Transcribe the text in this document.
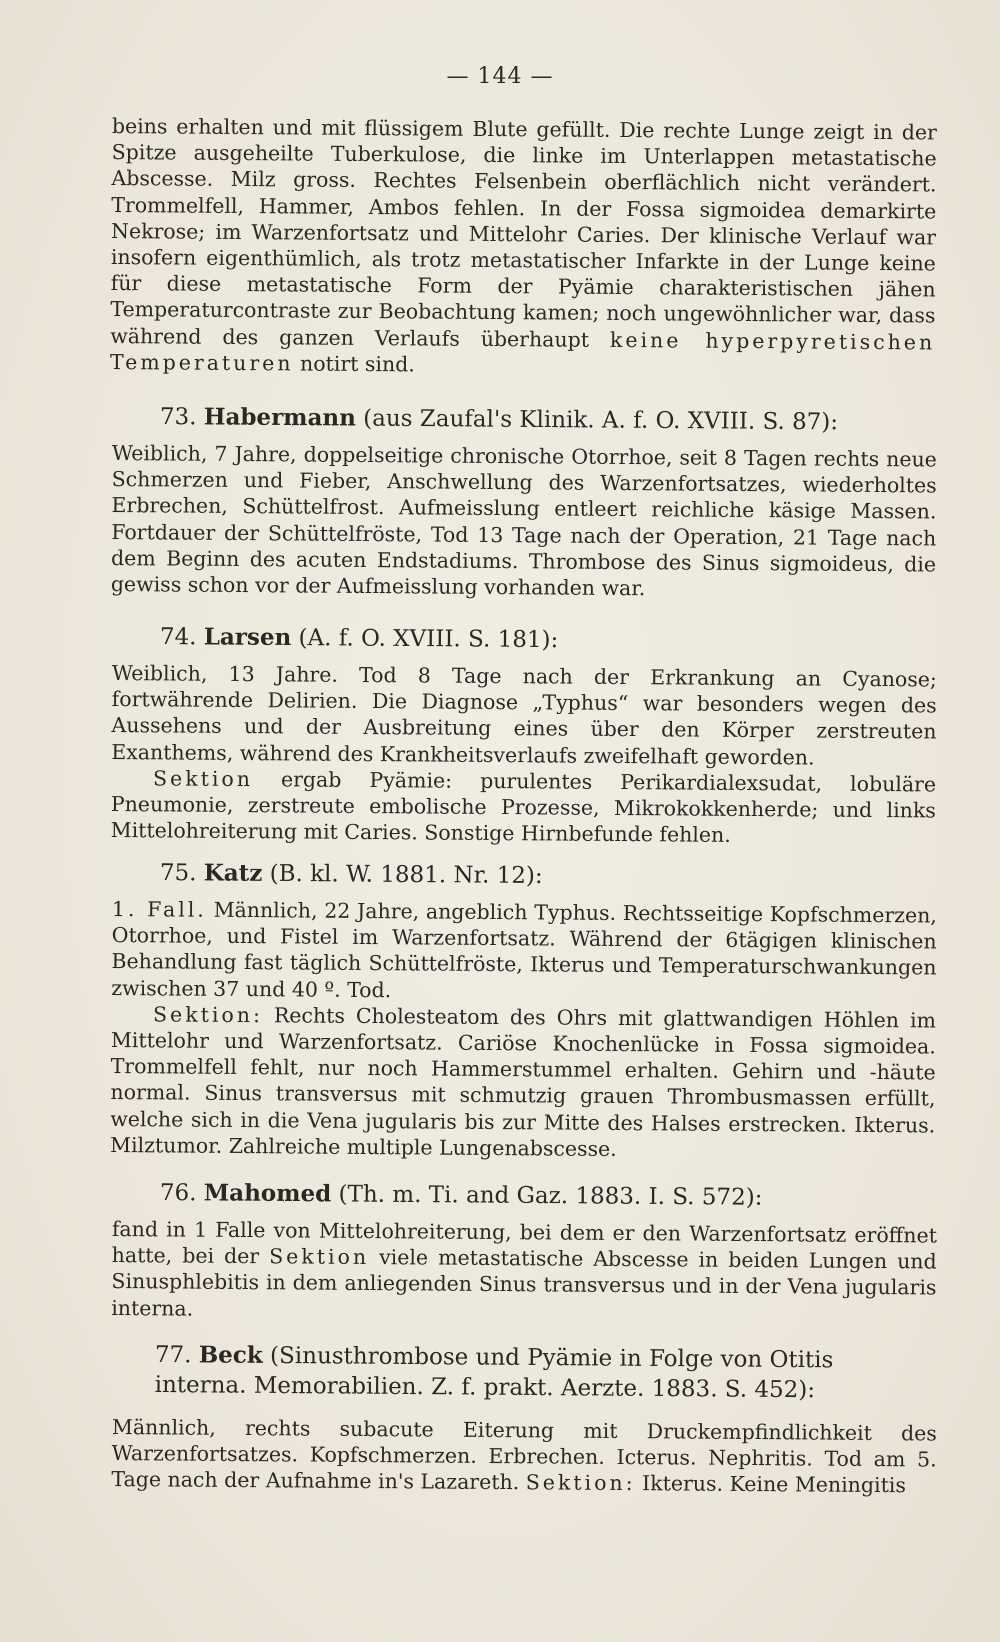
— 144 —

beins erhalten und mit flüssigem Blute gefüllt. Die rechte Lunge zeigt in der Spitze ausgeheilte Tuberkulose, die linke im Unterlappen metastatische Abscesse. Milz gross. Rechtes Felsenbein oberflächlich nicht verändert. Trommelfell, Hammer, Ambos fehlen. In der Fossa sigmoidea demarkirte Nekrose; im Warzenfortsatz und Mittelohr Caries. Der klinische Verlauf war insofern eigenthümlich, als trotz metastatischer Infarkte in der Lunge keine für diese metastatische Form der Pyämie charakteristischen jähen Temperaturcontraste zur Beobachtung kamen; noch ungewöhnlicher war, dass während des ganzen Verlaufs überhaupt keine hyperpyretischen Temperaturen notirt sind.

73. Habermann (aus Zaufal's Klinik. A. f. O. XVIII. S. 87):

Weiblich, 7 Jahre, doppelseitige chronische Otorrhoe, seit 8 Tagen rechts neue Schmerzen und Fieber, Anschwellung des Warzenfortsatzes, wiederholtes Erbrechen, Schüttelfrost. Aufmeisslung entleert reichliche käsige Massen. Fortdauer der Schüttelfröste, Tod 13 Tage nach der Operation, 21 Tage nach dem Beginn des acuten Endstadiums. Thrombose des Sinus sigmoideus, die gewiss schon vor der Aufmeisslung vorhanden war.

74. Larsen (A. f. O. XVIII. S. 181):

Weiblich, 13 Jahre. Tod 8 Tage nach der Erkrankung an Cyanose; fortwährende Delirien. Die Diagnose „Typhus“ war besonders wegen des Aussehens und der Ausbreitung eines über den Körper zerstreuten Exanthems, während des Krankheitsverlaufs zweifelhaft geworden.

Sektion ergab Pyämie: purulentes Perikardialexsudat, lobuläre Pneumonie, zerstreute embolische Prozesse, Mikrokokkenherde; und links Mittelohreiterung mit Caries. Sonstige Hirnbefunde fehlen.

75. Katz (B. kl. W. 1881. Nr. 12):

1. Fall. Männlich, 22 Jahre, angeblich Typhus. Rechtsseitige Kopfschmerzen, Otorrhoe, und Fistel im Warzenfortsatz. Während der 6tägigen klinischen Behandlung fast täglich Schüttelfröste, Ikterus und Temperaturschwankungen zwischen 37 und 40 º. Tod.

Sektion: Rechts Cholesteatom des Ohrs mit glattwandigen Höhlen im Mittelohr und Warzenfortsatz. Cariöse Knochenlücke in Fossa sigmoidea. Trommelfell fehlt, nur noch Hammerstummel erhalten. Gehirn und -häute normal. Sinus transversus mit schmutzig grauen Thrombusmassen erfüllt, welche sich in die Vena jugularis bis zur Mitte des Halses erstrecken. Ikterus. Milztumor. Zahlreiche multiple Lungenabscesse.

76. Mahomed (Th. m. Ti. and Gaz. 1883. I. S. 572):

fand in 1 Falle von Mittelohreiterung, bei dem er den Warzenfortsatz eröffnet hatte, bei der Sektion viele metastatische Abscesse in beiden Lungen und Sinusphlebitis in dem anliegenden Sinus transversus und in der Vena jugularis interna.

77. Beck (Sinusthrombose und Pyämie in Folge von Otitis interna. Memorabilien. Z. f. prakt. Aerzte. 1883. S. 452):

Männlich, rechts subacute Eiterung mit Druckempfindlichkeit des Warzenfortsatzes. Kopfschmerzen. Erbrechen. Icterus. Nephritis. Tod am 5. Tage nach der Aufnahme in's Lazareth. Sektion: Ikterus. Keine Meningitis
